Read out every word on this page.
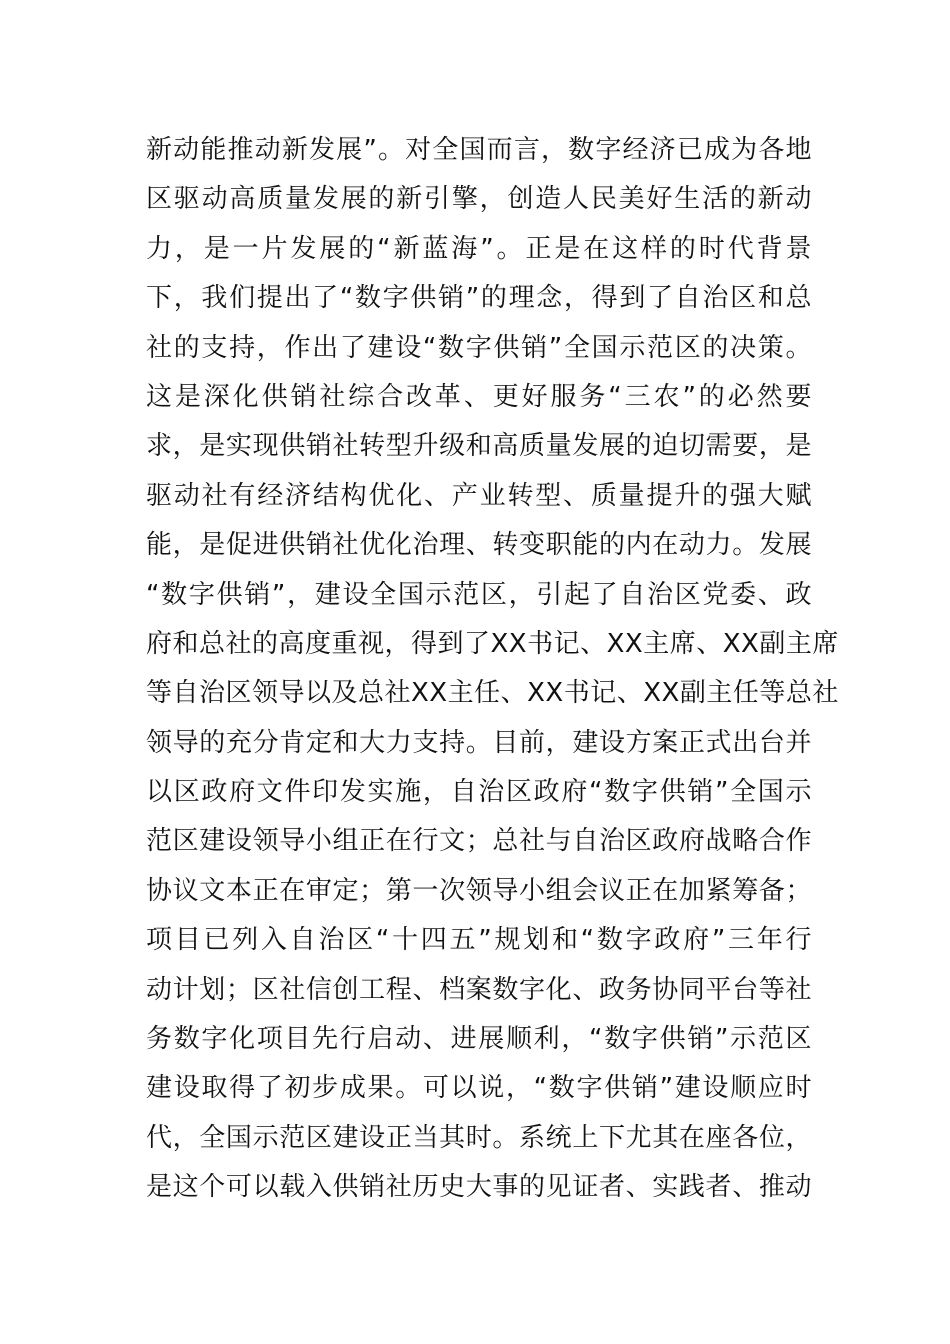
新动能推动新发展”。对全国而言，数字经济已成为各地
区驱动高质量发展的新引擎，创造人民美好生活的新动
力，是一片发展的“新蓝海”。正是在这样的时代背景
下，我们提出了“数字供销”的理念，得到了自治区和总
社的支持，作出了建设“数字供销”全国示范区的决策。
这是深化供销社综合改革、更好服务“三农”的必然要
求，是实现供销社转型升级和高质量发展的迫切需要，是
驱动社有经济结构优化、产业转型、质量提升的强大赋
能，是促进供销社优化治理、转变职能的内在动力。发展
“数字供销”，建设全国示范区，引起了自治区党委、政
府和总社的高度重视，得到了XX书记、XX主席、XX副主席
等自治区领导以及总社XX主任、XX书记、XX副主任等总社
领导的充分肯定和大力支持。目前，建设方案正式出台并
以区政府文件印发实施，自治区政府“数字供销”全国示
范区建设领导小组正在行文；总社与自治区政府战略合作
协议文本正在审定；第一次领导小组会议正在加紧筹备；
项目已列入自治区“十四五”规划和“数字政府”三年行
动计划；区社信创工程、档案数字化、政务协同平台等社
务数字化项目先行启动、进展顺利，“数字供销”示范区
建设取得了初步成果。可以说，“数字供销”建设顺应时
代，全国示范区建设正当其时。系统上下尤其在座各位，
是这个可以载入供销社历史大事的见证者、实践者、推动
